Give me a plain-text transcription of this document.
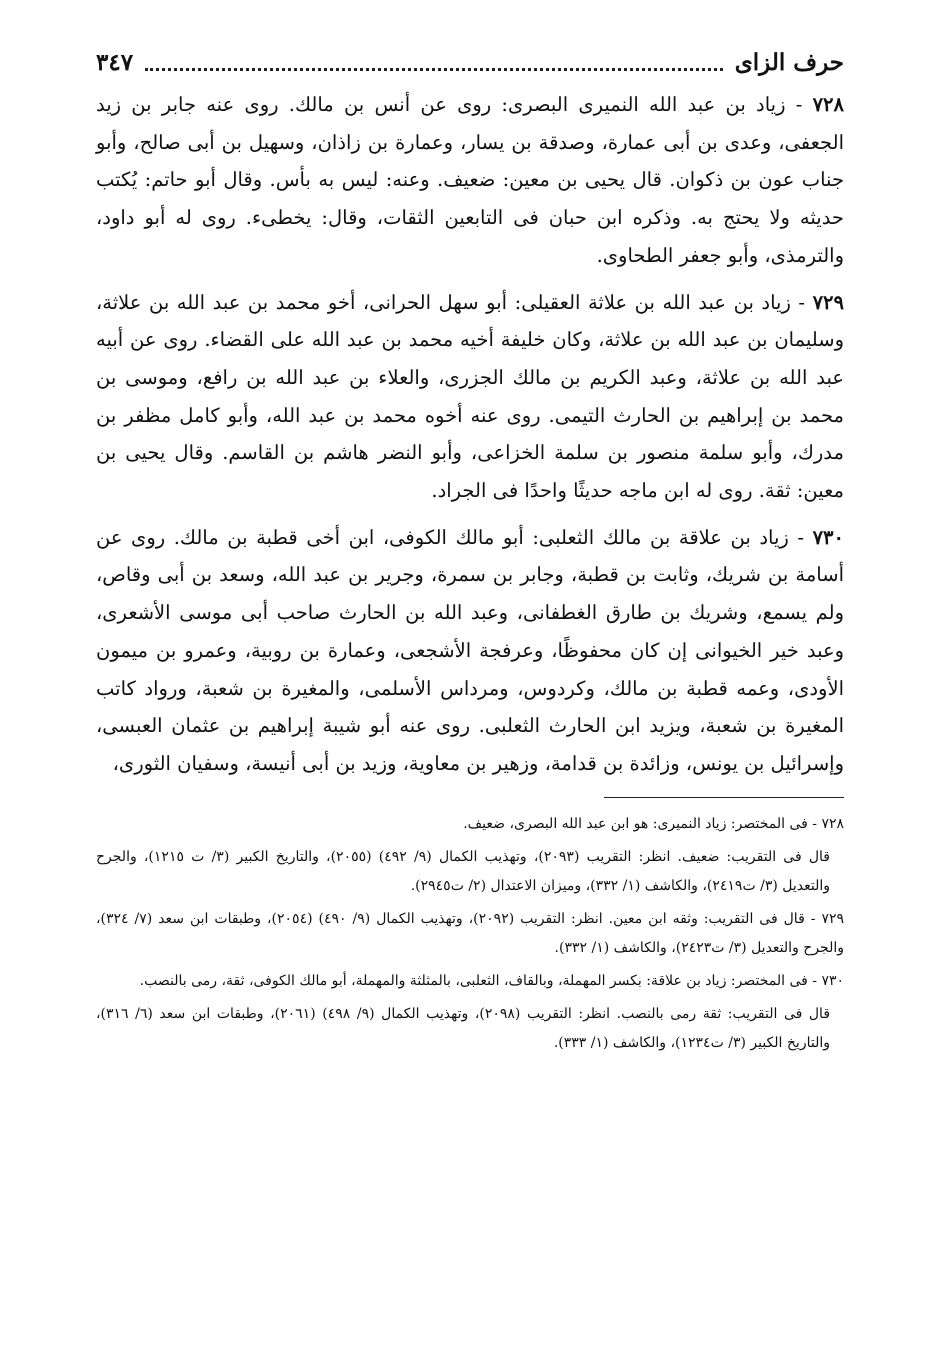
حرف الزاى
٣٤٧

٧٢٨ - زياد بن عبد الله النميرى البصرى: روى عن أنس بن مالك. روى عنه جابر بن زيد الجعفى، وعدى بن أبى عمارة، وصدقة بن يسار، وعمارة بن زاذان، وسهيل بن أبى صالح، وأبو جناب عون بن ذكوان. قال يحيى بن معين: ضعيف. وعنه: ليس به بأس. وقال أبو حاتم: يُكتب حديثه ولا يحتج به. وذكره ابن حبان فى التابعين الثقات، وقال: يخطىء. روى له أبو داود، والترمذى، وأبو جعفر الطحاوى.

٧٢٩ - زياد بن عبد الله بن علاثة العقيلى: أبو سهل الحرانى، أخو محمد بن عبد الله بن علاثة، وسليمان بن عبد الله بن علاثة، وكان خليفة أخيه محمد بن عبد الله على القضاء. روى عن أبيه عبد الله بن علاثة، وعبد الكريم بن مالك الجزرى، والعلاء بن عبد الله بن رافع، وموسى بن محمد بن إبراهيم بن الحارث التيمى. روى عنه أخوه محمد بن عبد الله، وأبو كامل مظفر بن مدرك، وأبو سلمة منصور بن سلمة الخزاعى، وأبو النضر هاشم بن القاسم. وقال يحيى بن معين: ثقة. روى له ابن ماجه حديثًا واحدًا فى الجراد.

٧٣٠ - زياد بن علاقة بن مالك الثعلبى: أبو مالك الكوفى، ابن أخى قطبة بن مالك. روى عن أسامة بن شريك، وثابت بن قطبة، وجابر بن سمرة، وجرير بن عبد الله، وسعد بن أبى وقاص، ولم يسمع، وشريك بن طارق الغطفانى، وعبد الله بن الحارث صاحب أبى موسى الأشعرى، وعبد خير الخيوانى إن كان محفوظًا، وعرفجة الأشجعى، وعمارة بن روبية، وعمرو بن ميمون الأودى، وعمه قطبة بن مالك، وكردوس، ومرداس الأسلمى، والمغيرة بن شعبة، ورواد كاتب المغيرة بن شعبة، ويزيد ابن الحارث الثعلبى. روى عنه أبو شيبة إبراهيم بن عثمان العبسى، وإسرائيل بن يونس، وزائدة بن قدامة، وزهير بن معاوية، وزيد بن أبى أنيسة، وسفيان الثورى،

٧٢٨ - فى المختصر: زياد النميرى: هو ابن عبد الله البصرى، ضعيف.

قال فى التقريب: ضعيف. انظر: التقريب (٢٠٩٣)، وتهذيب الكمال (٩/ ٤٩٢) (٢٠٥٥)، والتاريخ الكبير (٣/ ت ١٢١٥)، والجرح والتعديل (٣/ ت٢٤١٩)، والكاشف (١/ ٣٣٢)، وميزان الاعتدال (٢/ ت٢٩٤٥).

٧٢٩ - قال فى التقريب: وثقه ابن معين. انظر: التقريب (٢٠٩٢)، وتهذيب الكمال (٩/ ٤٩٠) (٢٠٥٤)، وطبقات ابن سعد (٧/ ٣٢٤)، والجرح والتعديل (٣/ ت٢٤٢٣)، والكاشف (١/ ٣٣٢).

٧٣٠ - فى المختصر: زياد بن علاقة: بكسر المهملة، وبالقاف، الثعلبى، بالمثلثة والمهملة، أبو مالك الكوفى، ثقة، رمى بالنصب.

قال فى التقريب: ثقة رمى بالنصب. انظر: التقريب (٢٠٩٨)، وتهذيب الكمال (٩/ ٤٩٨) (٢٠٦١)، وطبقات ابن سعد (٦/ ٣١٦)، والتاريخ الكبير (٣/ ت١٢٣٤)، والكاشف (١/ ٣٣٣).
